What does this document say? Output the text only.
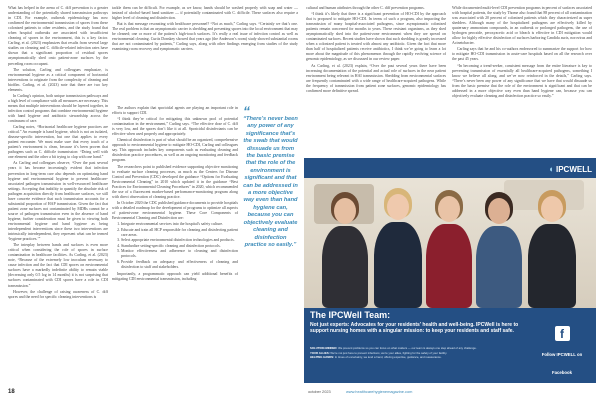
What has helped in the arena of C. diff prevention is a greater understanding of the potentially shared transmission pathways in CDI. For example, outbreak epidemiology has now confirmed the environmental transmission of spores from these colonized patients to other residents, and the study found that when hospital outbreaks are associated with insufficient cleaning of spores in the environment, this is a key factor. Carling, et al. (2023) emphasizes that results from several large studies on cleaning and C. difficile-related infection rates have shown that a significant proportion of residual spores asymptomatically shed onto patient-zone surfaces by the preceding room occupant.

The solution, Carling and colleagues emphasize, is environmental hygiene as a critical component of horizontal interventions to originate from the complexity of cleaning and biofilm. Carling, et al. (2023) note that there are two key elements.

In Carling's opinion, both unique transmission pathways and a high level of compliance with all measures are necessary. This means that multiple interventions should be layered together, in infection control programs that combine environmental hygiene with hand hygiene and antibiotic stewardship across the continuum of care.

Carling notes, “Horizontal healthcare hygiene practices are critical.” An example is hand hygiene, which is not an isolated, disease-specific intervention, but one that applies to every patient encounter. We must make sure that every touch of a patient’s environment is clean, because it’s been proven that pathogens such as C. difficile transmission: “Doing well with one element and the other a bit trying to clap with one hand.”

As Carling and colleagues observe, “Over the past several years it has become increasingly evident that infection prevention in long-term care also depends on optimizing hand hygiene and environmental hygiene to prevent healthcare-associated pathogen transmission in well-resourced healthcare settings. Accepting that inability to quantify the absolute risk of pathogen acquisition directly from healthcare surfaces, we still have concrete evidence that such transmission accounts for a substantial proportion of HAP transmission. Given the fact that patient zone surfaces not contaminated by MDRs cannot be a source of pathogen transmission even in the absence of hand hygiene, further consideration must be given to viewing both environmental hygiene and hand hygiene as being interdependent interventions since these two interventions are intrinsically interdependent, they represent what can be termed ‘hygiene practices.’”

The interplay between hands and surfaces is even more critical when considering the role of spores in surface contamination in healthcare facilities. As Carling, et al. (2023) note, “Because of the extremely low inoculum necessary to cause infection and the fact that CDI spores on environmental surfaces have a markedly indefinite ability to remain viable (decreasing only 0.5 log in 14 months) it is not surprising that surfaces contaminated with CDI spores have a role in CDI transmission.”

However, the challenge of raising awareness of C. diff spores and the need for specific cleaning interventions is

tackle them can be difficult. For example, as we know, hands should be washed properly with soap and water — instead of alcohol-based hand sanitizer — if potentially contaminated with C. difficile. These surfaces also require a higher level of cleaning and disinfection.

But is that message resonating with healthcare personnel? “Not as much,” Carling says. “Certainly we that’s one. The real problem is that an asymptomatic carrier is shedding and presenting spores into the local environment that may be cleaned; one or more of the patient’s high-touch surfaces. It’s really a real issue of infection control as well as environmental cleaning. Curtis Donskey showed that years ago (the Anderson’s room) study showed substantial rooms that are not contaminated by patients,” Carling says, along with other findings emerging from studies of the study examining room recovery and symptomatic carriers.

The authors explain that sporicidal agents are playing an important role in efforts to support CDI.

“I think they’re critical for mitigating this unknown pool of potential contamination in the environment,” Carling says. “The effective dose of C. diff is very low, and the spores don’t like it at all. Sporicidal disinfectants can be effective when used properly and appropriately.

Chemical disinfection is part of what should be an organized, comprehensive approach to environmental hygiene to mitigate HO-CDI, Carling and colleagues say. This approach includes key components such as evaluating cleaning and disinfection practice procedures, as well as an ongoing monitoring and feedback program.

The researchers point to published evidence supporting objective monitoring to evaluate surface cleaning processes, as much as the Centers for Disease Control and Prevention (CDC) developed the guidance “Options for Evaluating Environmental Cleaning” in 2010 which updated it in the guidance “Best Practices for Environmental Cleaning Procedures” in 2020, which recommended the use of a fluorescent marker-based performance-monitoring program along with direct observation of cleaning practice.

In October 2020 the CDC published guidance documents to provide hospitals with a detailed roadmap for the development of programs to optimize all aspects of patient-zone environmental hygiene. These Core Components of Environmental Cleaning and Disinfection are:

1. Integrate environmental services into the hospital's safety culture.
2. Educate and train all HCP responsible for cleaning and disinfecting patient care areas.
3. Select appropriate environmental disinfection technologies and products.
4. Standardize setting-specific cleaning and disinfection protocols.
5. Monitor effectiveness and adherence to cleaning and disinfection protocols.
6. Provide feedback on adequacy and effectiveness of cleaning and disinfection to staff and stakeholders.

Importantly, a programmatic approach can yield additional benefits of mitigating CDI environmental transmission, including

“
“There’s never been any power of any significance that’s the swab that would dissuade us from the basic premise that the role of the environment is significant and that can be addressed in a more objective way even than hand hygiene can, because you can objectively evaluate cleaning and disinfection practice so easily.”

cultural and human attributes through the other C. diff prevention programs.

“I think it’s likely that there is a significant prevention of HO-CDI by the approach that is proposed to mitigate HO-CDI. In terms of such a program, also impacting the transmission of many hospital-associated pathogens, since asymptomatic colonized patients remain concerned for months to years. These resistant organisms, as they shed asymptomatically shed into the patient-zone environment when they are spread on contaminated surfaces. Recent studies have shown that such shedding is greatly increased when a colonized patient is treated with almost any antibiotic. Given the fact that more than half of hospitalized patients receive antibiotics, I think we’re going to learn a lot more about the magnitude of this phenomenon through the rapidly evolving science of genomic epidemiology, as we discussed in our review paper.

As Carling, et al. (2023) explain, “Over the past several years there have been increasing documentation of the potential and actual role of surfaces in the near patient environment being relevant in HAI transmission. Shedding from environmental surfaces are frequently contaminated with a wide range of healthcare-acquired pathogens. While the frequency of transmission from patient zone surfaces, genomic epidemiology has confirmed more definitive spread.

While documented multi-level CDI prevention programs in percent of surfaces associated with hospital patients, the study by Thome also found that 88 percent of all contamination was associated with 20 percent of colonized patients which they characterized as super shedders. Although many of the hospitalized pathogens are effectively killed by quaternary ammonium compounds, in an outbreak or prolonged pathogens, the use of hydrogen peroxide, peroxyacetic acid or bleach is effective in CDI mitigation would allow for highly effective disinfection of surfaces harboring Candida auris, norovirus and Acinetobacter.

Carling says that he and his co-authors endeavored to summarize the support for how to mitigate HO-CDI transmission in acute-care hospitals based on all the research over the past 45 years.

“In becoming a trend-seeker, consistent message from the entire literature is key to preventing transmission of essentially all healthcare-acquired pathogens, something I know we believe all along, and we’ve now reinforced in the details,” Carling says. “There’s never been any power of any significance that we have that would dissuade us from the basic premise that the role of the environment is significant and that can be addressed in a more objective way even than hand hygiene can, because you can objectively evaluate cleaning and disinfection practice so easily.”

◖ IPCWELL
The IPCWell Team:
Not just experts: Advocates for your residents' health and well-being. IPCWell is here to support nursing homes with a singular mission: to keep your residents and staff safe.
SOLUTION-MINDED: We prevent problems so you can focus on what matters — our team is always one step ahead of any challenge.
YOUR ALLIES: We're not just here to prevent infections; we're your allies, fighting for the safety of your facility.
HELPING HANDS: In times of uncertainty, we lend a hand, offering expertise, guidance, and reassurance.
f
Follow IPCWELL on Facebook
18	october 2023	www.healthcarehygienemagazine.com
